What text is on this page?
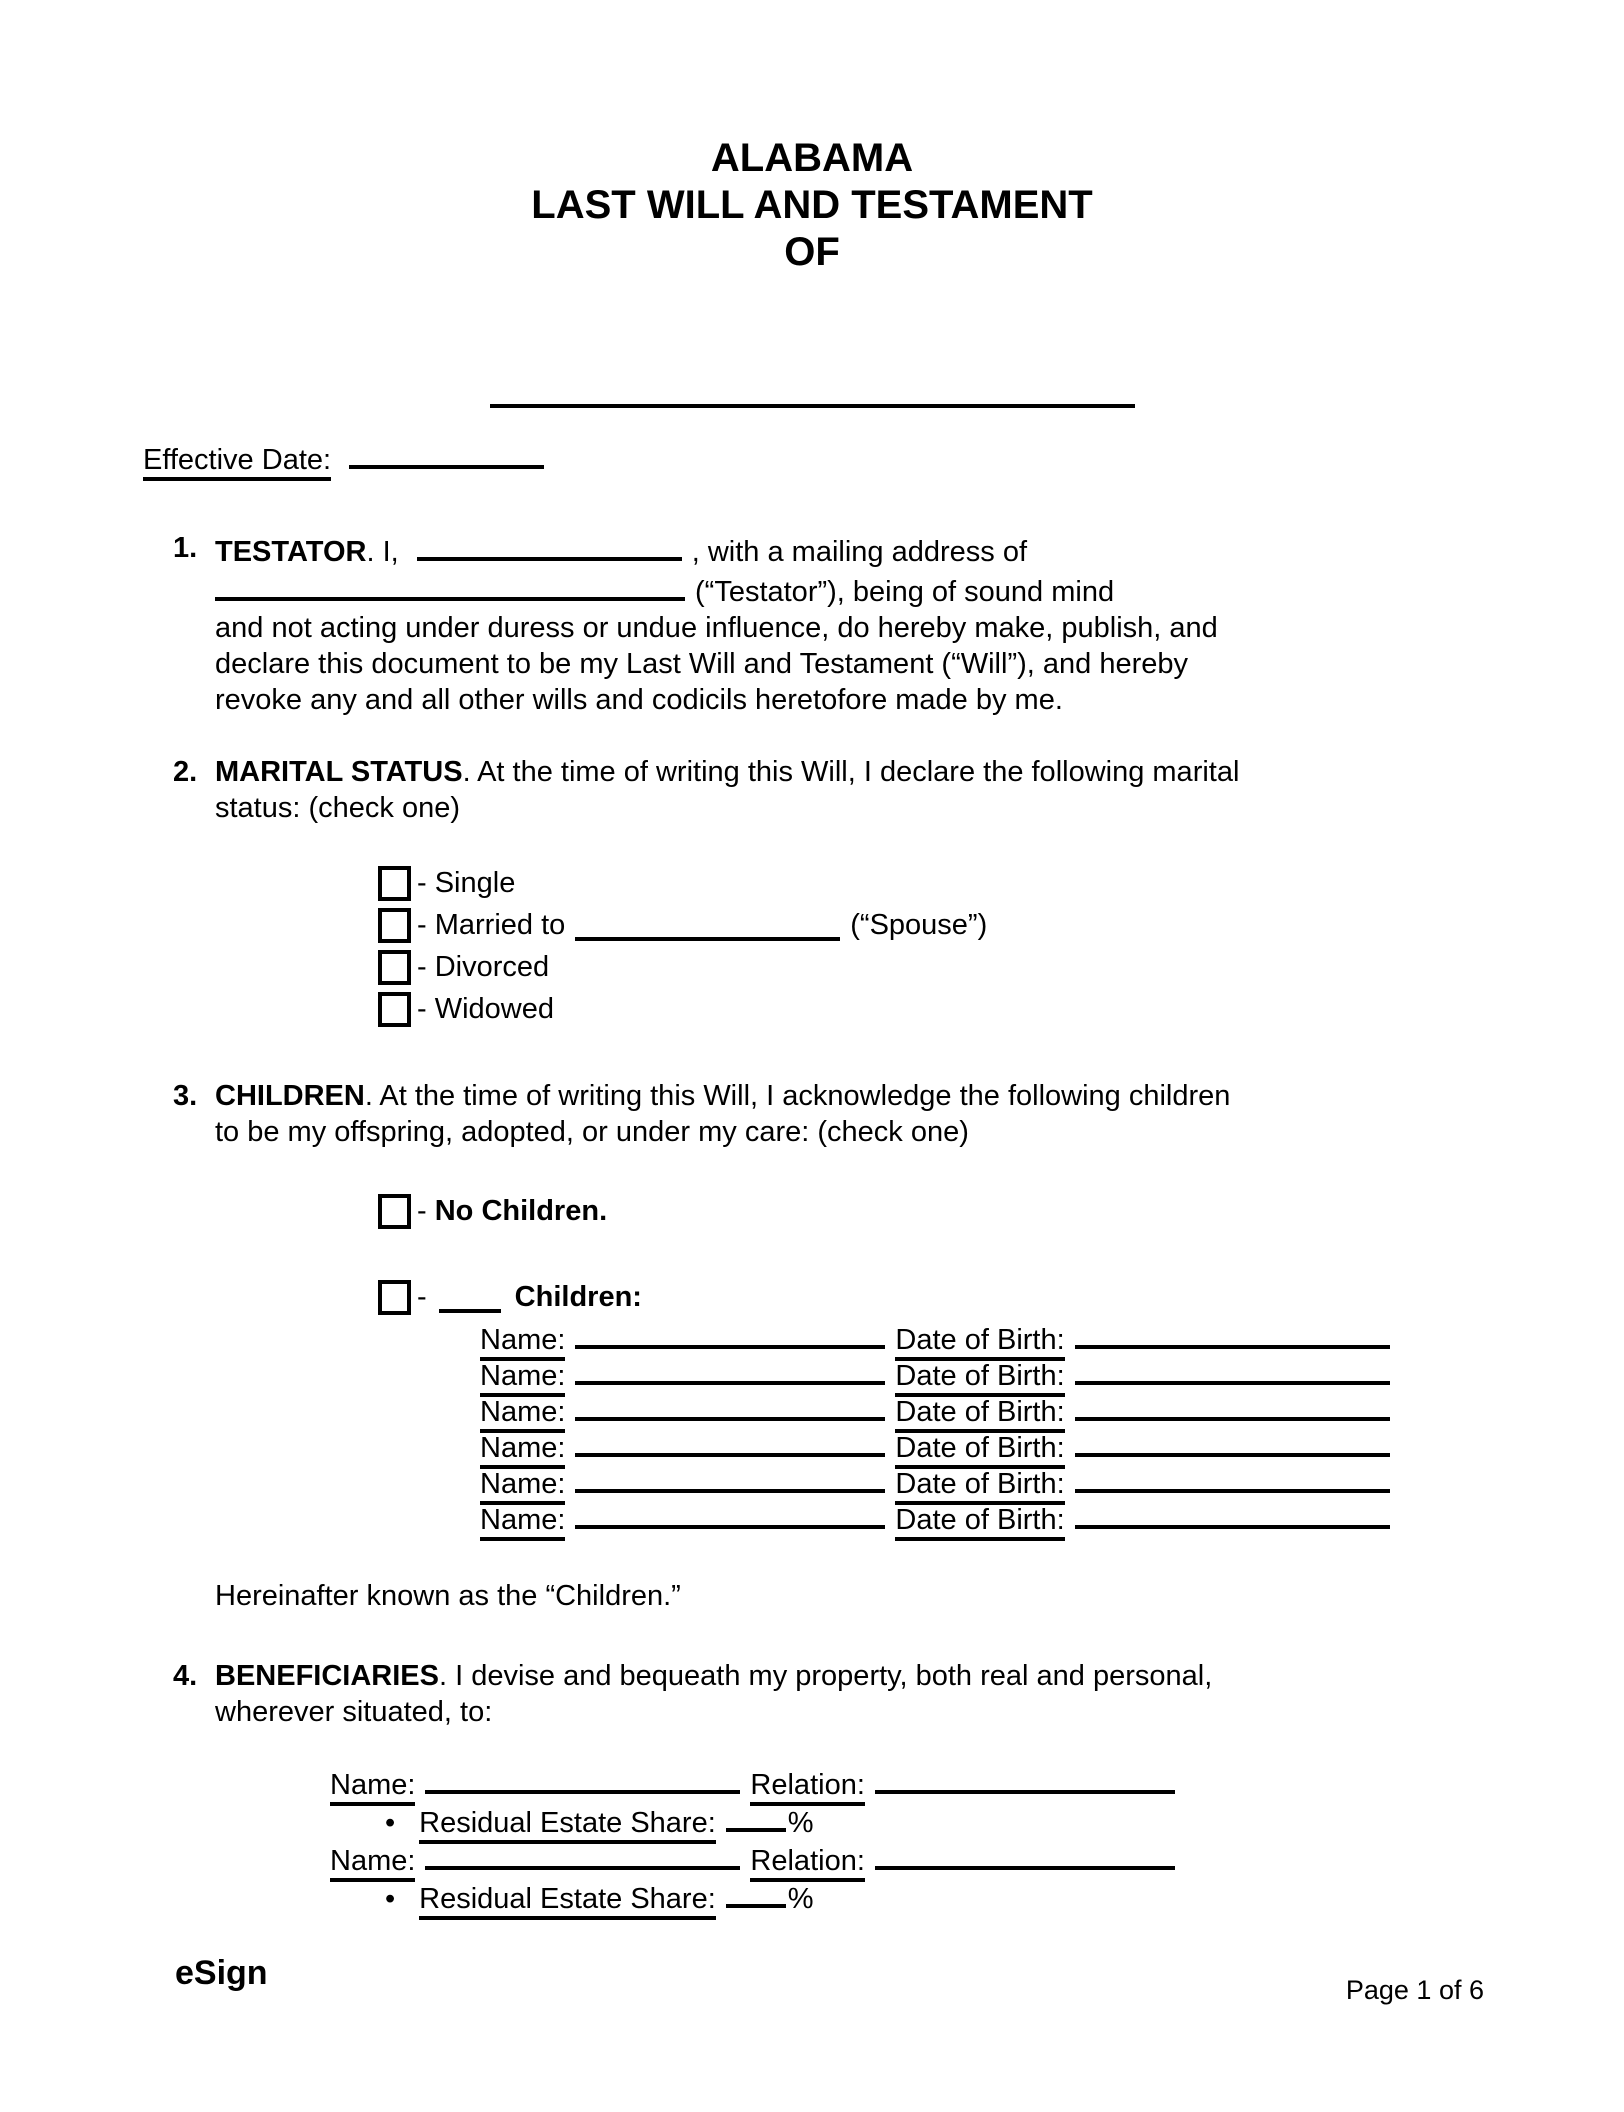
ALABAMA
LAST WILL AND TESTAMENT
OF
Effective Date:
1. TESTATOR. I,	, with a mailing address of
(“Testator”), being of sound mind
and not acting under duress or undue influence, do hereby make, publish, and
declare this document to be my Last Will and Testament (“Will”), and hereby
revoke any and all other wills and codicils heretofore made by me.
2. MARITAL STATUS. At the time of writing this Will, I declare the following marital
status: (check one)
- Single
- Married to	(“Spouse”)
- Divorced
- Widowed
3. CHILDREN. At the time of writing this Will, I acknowledge the following children
to be my offspring, adopted, or under my care: (check one)
-
No Children.
-	Children:
Name:	Date of Birth:
Name:	Date of Birth:
Name:	Date of Birth:
Name:	Date of Birth:
Name:	Date of Birth:
Name:	Date of Birth:
Hereinafter known as the “Children.”
4. BENEFICIARIES. I devise and bequeath my property, both real and personal,
wherever situated, to:
Name:	Relation:
• Residual Estate Share: %
Name:	Relation:
• Residual Estate Share: %
eSign	Page 1 of 6
